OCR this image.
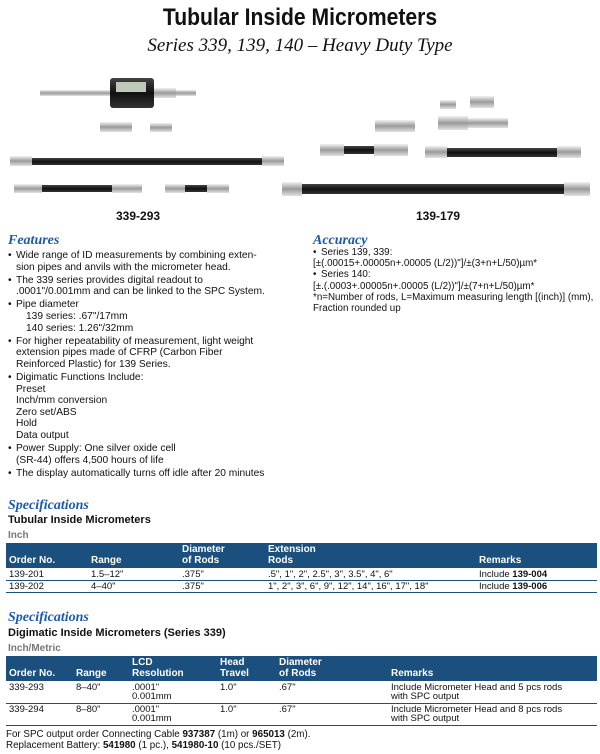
Tubular Inside Micrometers
Series 339, 139, 140 – Heavy Duty Type
339-293	139-179
Features
• Wide range of ID measurements by combining exten-
sion pipes and anvils with the micrometer head.
• The 339 series provides digital readout to
.0001"/0.001mm and can be linked to the SPC System.
• Pipe diameter
139 series: .67"/17mm
140 series: 1.26"/32mm
• For higher repeatability of measurement, light weight
extension pipes made of CFRP (Carbon Fiber
Reinforced Plastic) for 139 Series.
• Digimatic Functions Include:
Preset
Inch/mm conversion
Zero set/ABS
Hold
Data output
• Power Supply: One silver oxide cell
(SR-44) offers 4,500 hours of life
• The display automatically turns off idle after 20 minutes
Accuracy
• Series 139, 339:
[±(.00015+.00005n+.00005 (L/2))"]/±(3+n+L/50)µm*
• Series 140:
[±.(.0003+.00005n+.00005 (L/2))"]/±(7+n+L/50)µm*
*n=Number of rods, L=Maximum measuring length [(inch)] (mm),
Fraction rounded up
Specifications
Tubular Inside Micrometers
Inch
Order No.	Range
Diameter
of Rods
Extension
Rods	Remarks
139-201	1.5–12"	.375"	.5", 1", 2", 2.5", 3", 3.5", 4", 6"	Include 139-004
139-202	4–40"	.375"	1", 2", 3", 6", 9", 12", 14", 16", 17", 18"	Include 139-006
Specifications
Digimatic Inside Micrometers (Series 339)
Inch/Metric
Order No. Range
LCD
Resolution
Head
Travel
Diameter
of Rods	Remarks
339-293	8–40"	.0001"
0.001mm
1.0"	.67"	Include Micrometer Head and 5 pcs rods
with SPC output
339-294	8–80"	.0001"
0.001mm
1.0"	.67"	Include Micrometer Head and 8 pcs rods
with SPC output
For SPC output order Connecting Cable 937387 (1m) or 965013 (2m).
Replacement Battery: 541980 (1 pc.), 541980-10 (10 pcs./SET)
